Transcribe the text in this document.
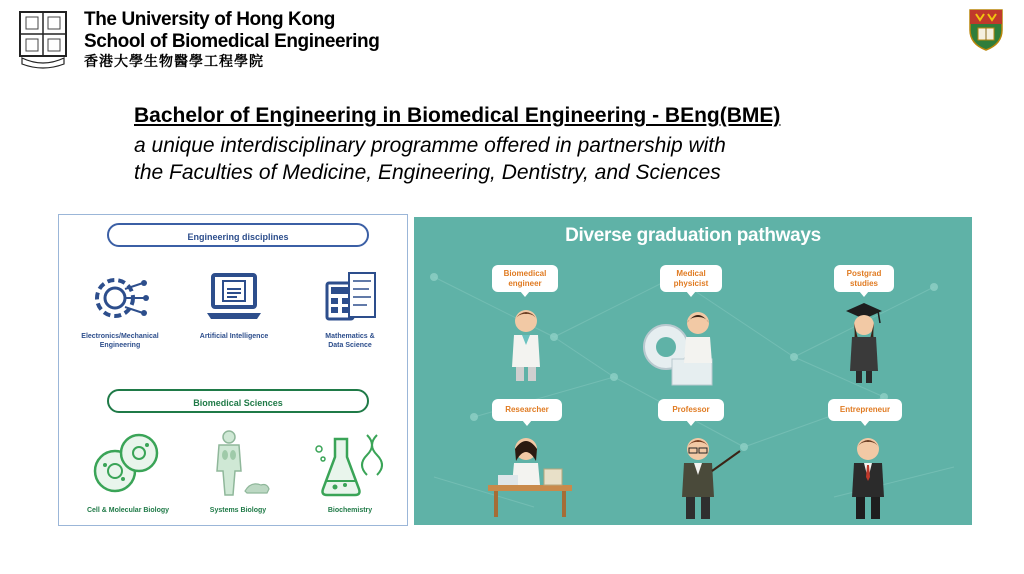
The University of Hong Kong
School of Biomedical Engineering
香港大學生物醫學工程學院
Bachelor of Engineering in Biomedical Engineering - BEng(BME)
a unique interdisciplinary programme offered in partnership with
the Faculties of Medicine, Engineering, Dentistry, and Sciences
Engineering disciplines
Electronics/Mechanical
Engineering
Artificial Intelligence	Mathematics &
Data Science
Biomedical Sciences
Cell & Molecular Biology	Systems Biology	Biochemistry
Diverse graduation pathways
Biomedical
engineer
Medical
physicist
Postgrad
studies
Researcher	Professor	Entrepreneur
